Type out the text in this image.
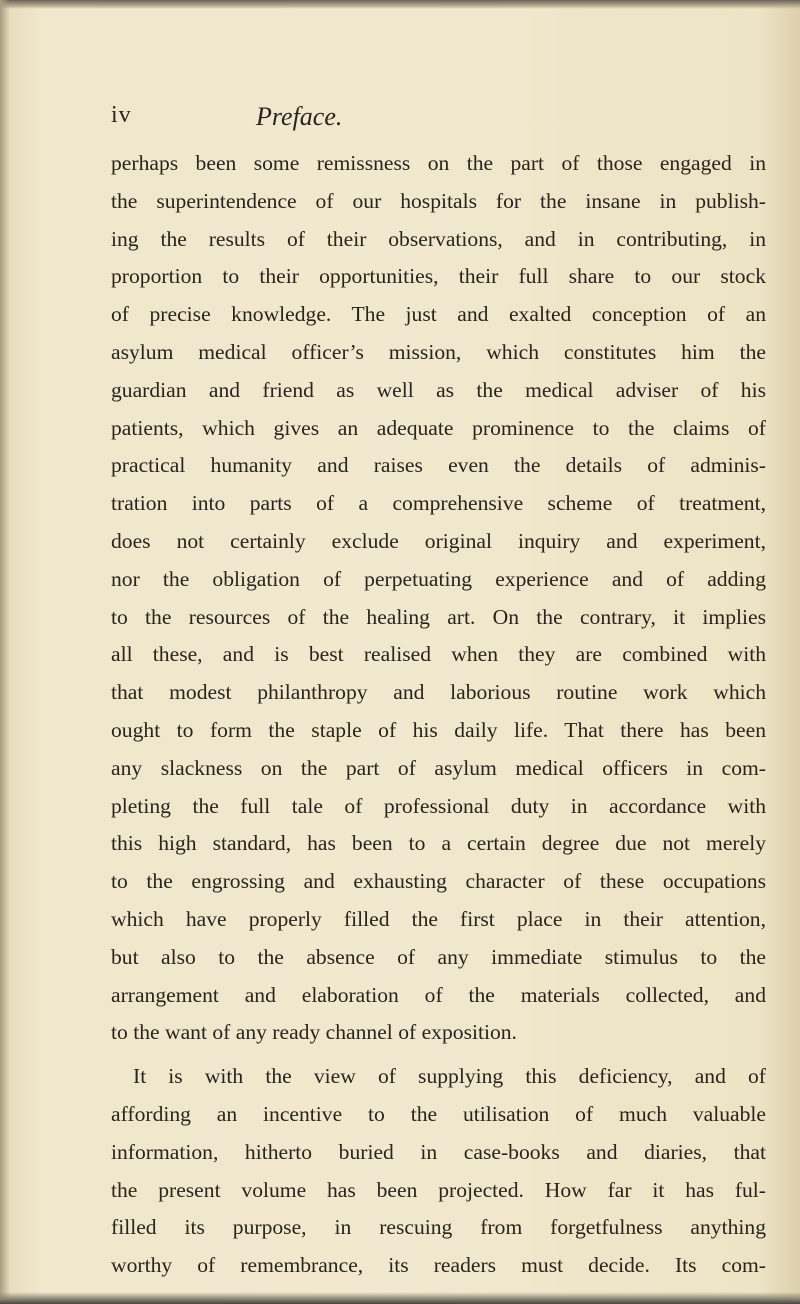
iv	Preface.
perhaps been some remissness on the part of those engaged in
the superintendence of our hospitals for the insane in publish-
ing the results of their observations, and in contributing, in
proportion to their opportunities, their full share to our stock
of precise knowledge. The just and exalted conception of an
asylum medical officer’s mission, which constitutes him the
guardian and friend as well as the medical adviser of his
patients, which gives an adequate prominence to the claims of
practical humanity and raises even the details of adminis-
tration into parts of a comprehensive scheme of treatment,
does not certainly exclude original inquiry and experiment,
nor the obligation of perpetuating experience and of adding
to the resources of the healing art. On the contrary, it implies
all these, and is best realised when they are combined with
that modest philanthropy and laborious routine work which
ought to form the staple of his daily life. That there has been
any slackness on the part of asylum medical officers in com-
pleting the full tale of professional duty in accordance with
this high standard, has been to a certain degree due not merely
to the engrossing and exhausting character of these occupations
which have properly filled the first place in their attention,
but also to the absence of any immediate stimulus to the
arrangement and elaboration of the materials collected, and
to the want of any ready channel of exposition.
It is with the view of supplying this deficiency, and of
affording an incentive to the utilisation of much valuable
information, hitherto buried in case-books and diaries, that
the present volume has been projected. How far it has ful-
filled its purpose, in rescuing from forgetfulness anything
worthy of remembrance, its readers must decide. Its com-
